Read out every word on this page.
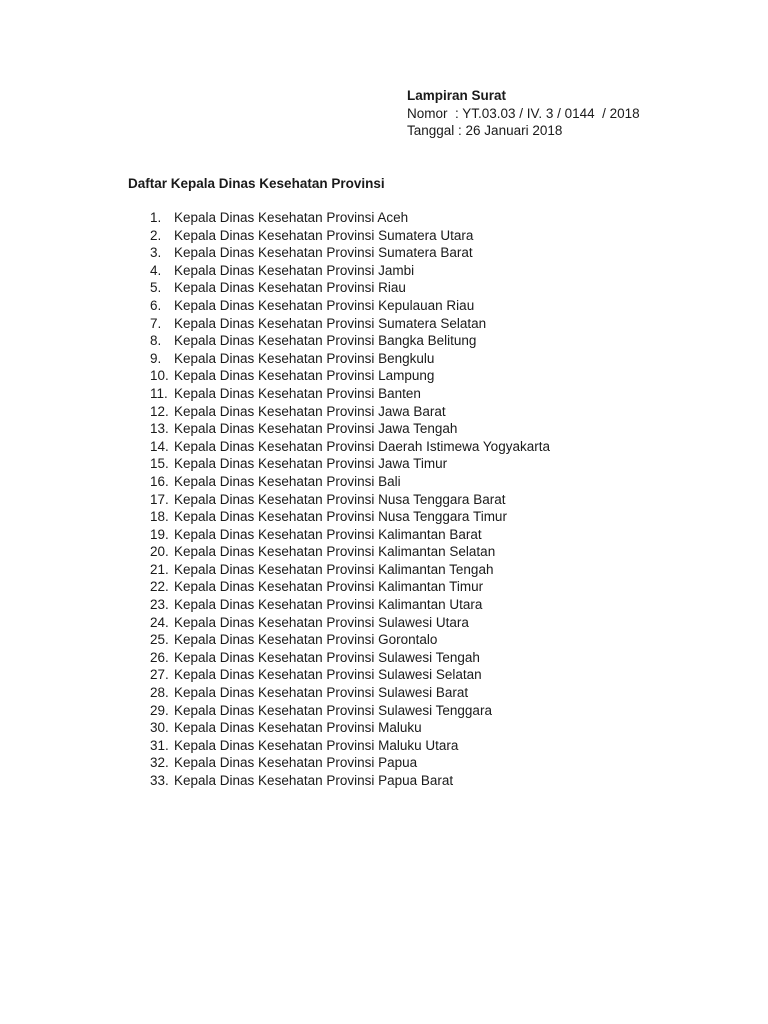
Lampiran Surat
Nomor  : YT.03.03 / IV. 3 / 0144  / 2018
Tanggal : 26 Januari 2018
Daftar Kepala Dinas Kesehatan Provinsi
1. Kepala Dinas Kesehatan Provinsi Aceh
2. Kepala Dinas Kesehatan Provinsi Sumatera Utara
3. Kepala Dinas Kesehatan Provinsi Sumatera Barat
4. Kepala Dinas Kesehatan Provinsi Jambi
5. Kepala Dinas Kesehatan Provinsi Riau
6. Kepala Dinas Kesehatan Provinsi Kepulauan Riau
7. Kepala Dinas Kesehatan Provinsi Sumatera Selatan
8. Kepala Dinas Kesehatan Provinsi Bangka Belitung
9. Kepala Dinas Kesehatan Provinsi Bengkulu
10. Kepala Dinas Kesehatan Provinsi Lampung
11. Kepala Dinas Kesehatan Provinsi Banten
12. Kepala Dinas Kesehatan Provinsi Jawa Barat
13. Kepala Dinas Kesehatan Provinsi Jawa Tengah
14. Kepala Dinas Kesehatan Provinsi Daerah Istimewa Yogyakarta
15. Kepala Dinas Kesehatan Provinsi Jawa Timur
16. Kepala Dinas Kesehatan Provinsi Bali
17. Kepala Dinas Kesehatan Provinsi Nusa Tenggara Barat
18. Kepala Dinas Kesehatan Provinsi Nusa Tenggara Timur
19. Kepala Dinas Kesehatan Provinsi Kalimantan Barat
20. Kepala Dinas Kesehatan Provinsi Kalimantan Selatan
21. Kepala Dinas Kesehatan Provinsi Kalimantan Tengah
22. Kepala Dinas Kesehatan Provinsi Kalimantan Timur
23. Kepala Dinas Kesehatan Provinsi Kalimantan Utara
24. Kepala Dinas Kesehatan Provinsi Sulawesi Utara
25. Kepala Dinas Kesehatan Provinsi Gorontalo
26. Kepala Dinas Kesehatan Provinsi Sulawesi Tengah
27. Kepala Dinas Kesehatan Provinsi Sulawesi Selatan
28. Kepala Dinas Kesehatan Provinsi Sulawesi Barat
29. Kepala Dinas Kesehatan Provinsi Sulawesi Tenggara
30. Kepala Dinas Kesehatan Provinsi Maluku
31. Kepala Dinas Kesehatan Provinsi Maluku Utara
32. Kepala Dinas Kesehatan Provinsi Papua
33. Kepala Dinas Kesehatan Provinsi Papua Barat
